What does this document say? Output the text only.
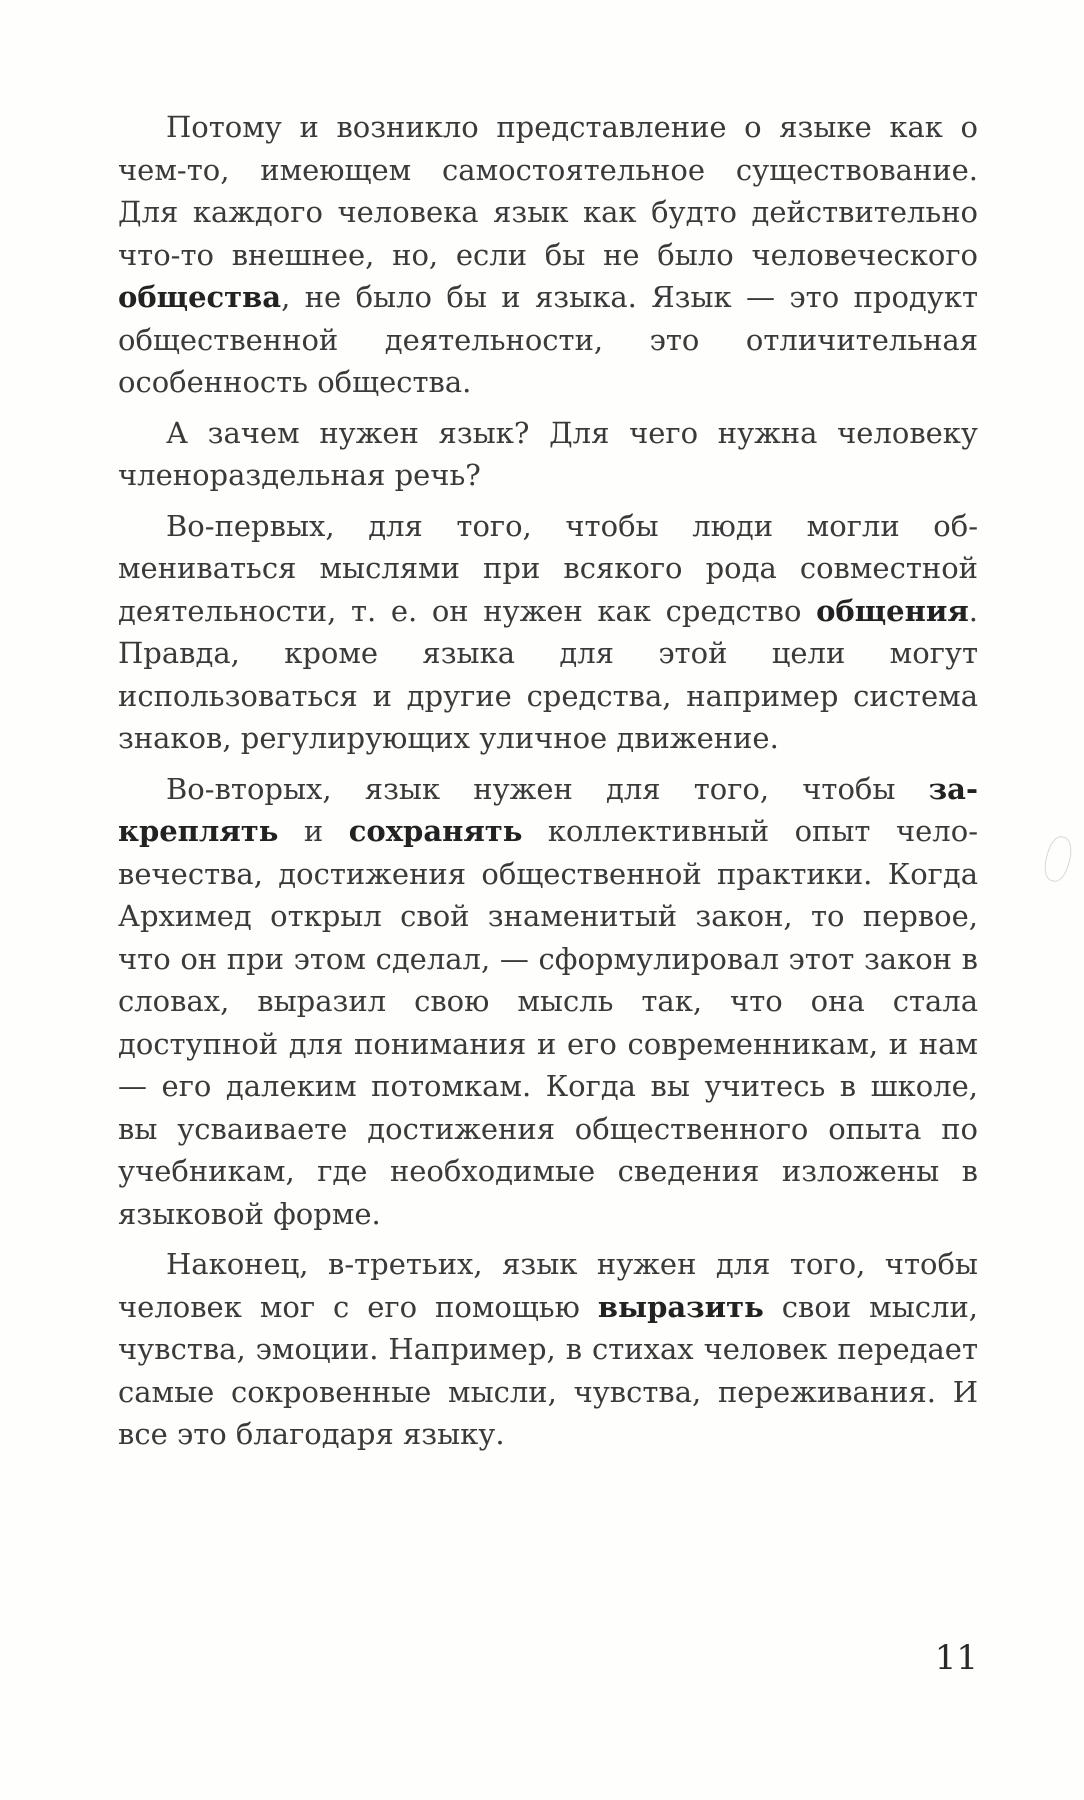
Потому и возникло представление о языке как о чем-то, имеющем самостоятельное существование. Для каждого человека язык как будто действительно что-то внешнее, но, если бы не было человеческого общества, не было бы и языка. Язык — это продукт общественной деятельности, это отличительная особенность общества.

А зачем нужен язык? Для чего нужна человеку членораздельная речь?

Во-первых, для того, чтобы люди могли обмениваться мыслями при всякого рода совместной деятельности, т. е. он нужен как средство общения. Правда, кроме языка для этой цели могут использоваться и другие средства, например система знаков, регулирующих уличное движение.

Во-вторых, язык нужен для того, чтобы закреплять и сохранять коллективный опыт человечества, достижения общественной практики. Когда Архимед открыл свой знаменитый закон, то первое, что он при этом сделал, — сформулировал этот закон в словах, выразил свою мысль так, что она стала доступной для понимания и его современникам, и нам — его далеким потомкам. Когда вы учитесь в школе, вы усваиваете достижения общественного опыта по учебникам, где необходимые сведения изложены в языковой форме.

Наконец, в-третьих, язык нужен для того, чтобы человек мог с его помощью выразить свои мысли, чувства, эмоции. Например, в стихах человек передает самые сокровенные мысли, чувства, переживания. И все это благодаря языку.

11
